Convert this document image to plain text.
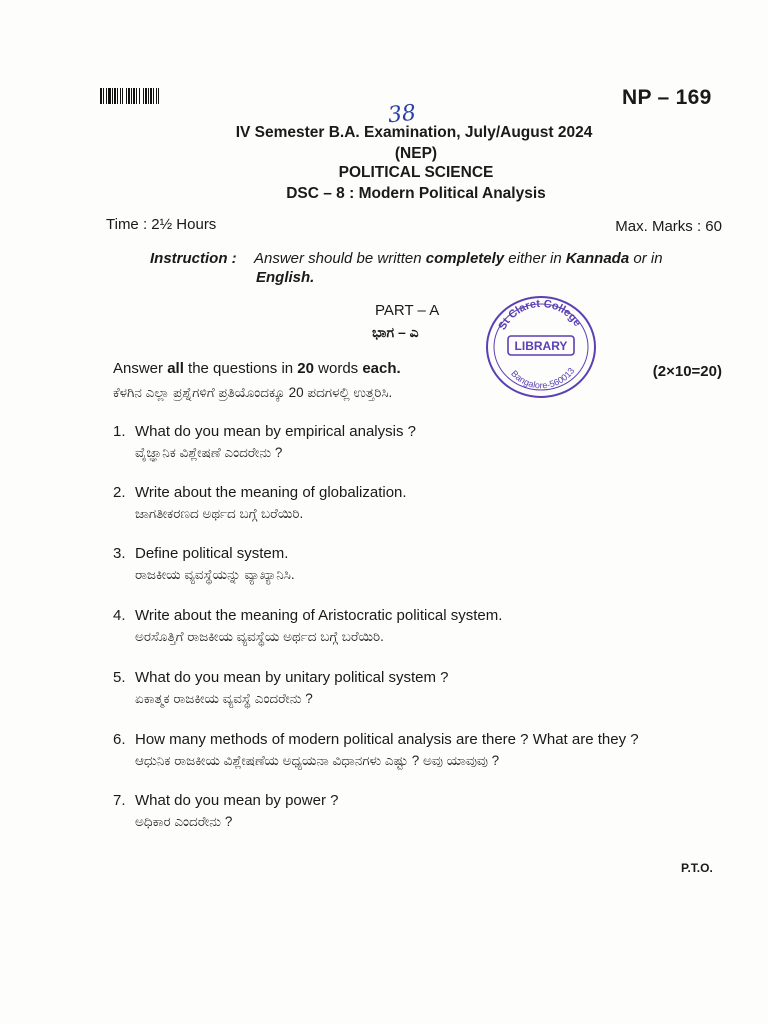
NP – 169
38
IV Semester B.A. Examination, July/August 2024
(NEP)
POLITICAL SCIENCE
DSC – 8 : Modern Political Analysis
Time : 2½ Hours	Max. Marks : 60
Instruction : Answer should be written completely either in Kannada or in
English.
PART – A
ಭಾಗ – ಎ	St Claret College
LIBRARY
Bangalore-560013
Answer all the questions in 20 words each.
ಕೆಳಗಿನ ಎಲ್ಲಾ ಪ್ರಶ್ನೆಗಳಿಗೆ ಪ್ರತಿಯೊಂದಕ್ಕೂ 20 ಪದಗಳಲ್ಲಿ ಉತ್ತರಿಸಿ.
(2×10=20)
1. What do you mean by empirical analysis ?
ವೈಜ್ಞಾನಿಕ ವಿಶ್ಲೇಷಣೆ ಎಂದರೇನು ?
2. Write about the meaning of globalization.
ಜಾಗತೀಕರಣದ ಅರ್ಥದ ಬಗ್ಗೆ ಬರೆಯಿರಿ.
3. Define political system.
ರಾಜಕೀಯ ವ್ಯವಸ್ಥೆಯನ್ನು ವ್ಯಾಖ್ಯಾನಿಸಿ.
4. Write about the meaning of Aristocratic political system.
ಅರಸೊತ್ತಿಗೆ ರಾಜಕೀಯ ವ್ಯವಸ್ಥೆಯ ಅರ್ಥದ ಬಗ್ಗೆ ಬರೆಯಿರಿ.
5. What do you mean by unitary political system ?
ಏಕಾತ್ಮಕ ರಾಜಕೀಯ ವ್ಯವಸ್ಥೆ ಎಂದರೇನು ?
6. How many methods of modern political analysis are there ? What are they ?
ಆಧುನಿಕ ರಾಜಕೀಯ ವಿಶ್ಲೇಷಣೆಯ ಅಧ್ಯಯನಾ ವಿಧಾನಗಳು ಎಷ್ಟು ? ಅವು ಯಾವುವು ?
7. What do you mean by power ?
ಅಧಿಕಾರ ಎಂದರೇನು ?
P.T.O.
